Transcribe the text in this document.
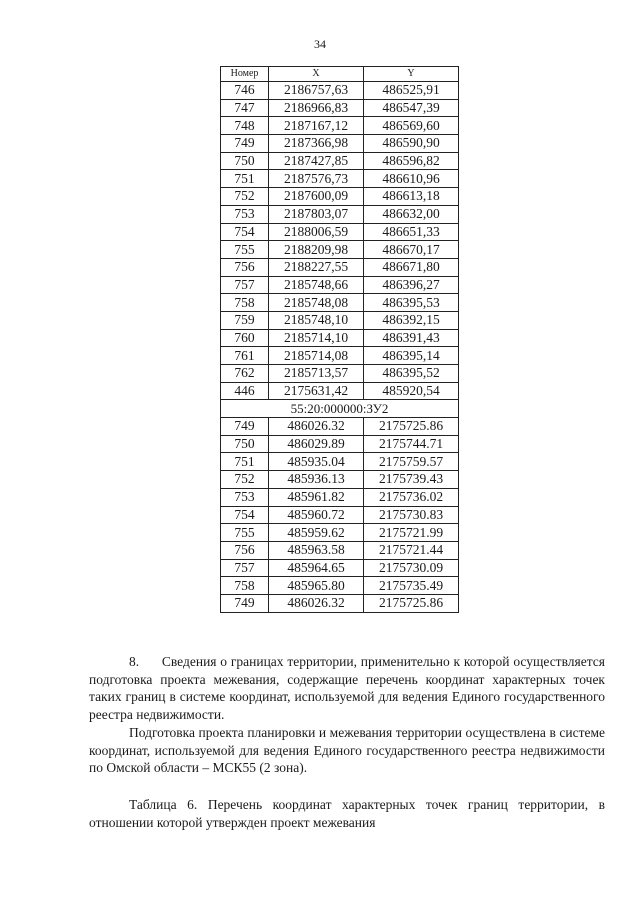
34
Номер	X	Y
746	2186757,63	486525,91
747	2186966,83	486547,39
748	2187167,12	486569,60
749	2187366,98	486590,90
750	2187427,85	486596,82
751	2187576,73	486610,96
752	2187600,09	486613,18
753	2187803,07	486632,00
754	2188006,59	486651,33
755	2188209,98	486670,17
756	2188227,55	486671,80
757	2185748,66	486396,27
758	2185748,08	486395,53
759	2185748,10	486392,15
760	2185714,10	486391,43
761	2185714,08	486395,14
762	2185713,57	486395,52
446	2175631,42	485920,54
55:20:000000:ЗУ2		
749	486026.32	2175725.86
750	486029.89	2175744.71
751	485935.04	2175759.57
752	485936.13	2175739.43
753	485961.82	2175736.02
754	485960.72	2175730.83
755	485959.62	2175721.99
756	485963.58	2175721.44
757	485964.65	2175730.09
758	485965.80	2175735.49
749	486026.32	2175725.86

8.      Сведения о границах территории, применительно к которой осуществляется подготовка проекта межевания, содержащие перечень координат характерных точек таких границ в системе координат, используемой для ведения Единого государственного реестра недвижимости.

Подготовка проекта планировки и межевания территории осуществлена в системе координат, используемой для ведения Единого государственного реестра недвижимости по Омской области – МСК55 (2 зона).

Таблица 6. Перечень координат характерных точек границ территории, в отношении которой утвержден проект межевания
